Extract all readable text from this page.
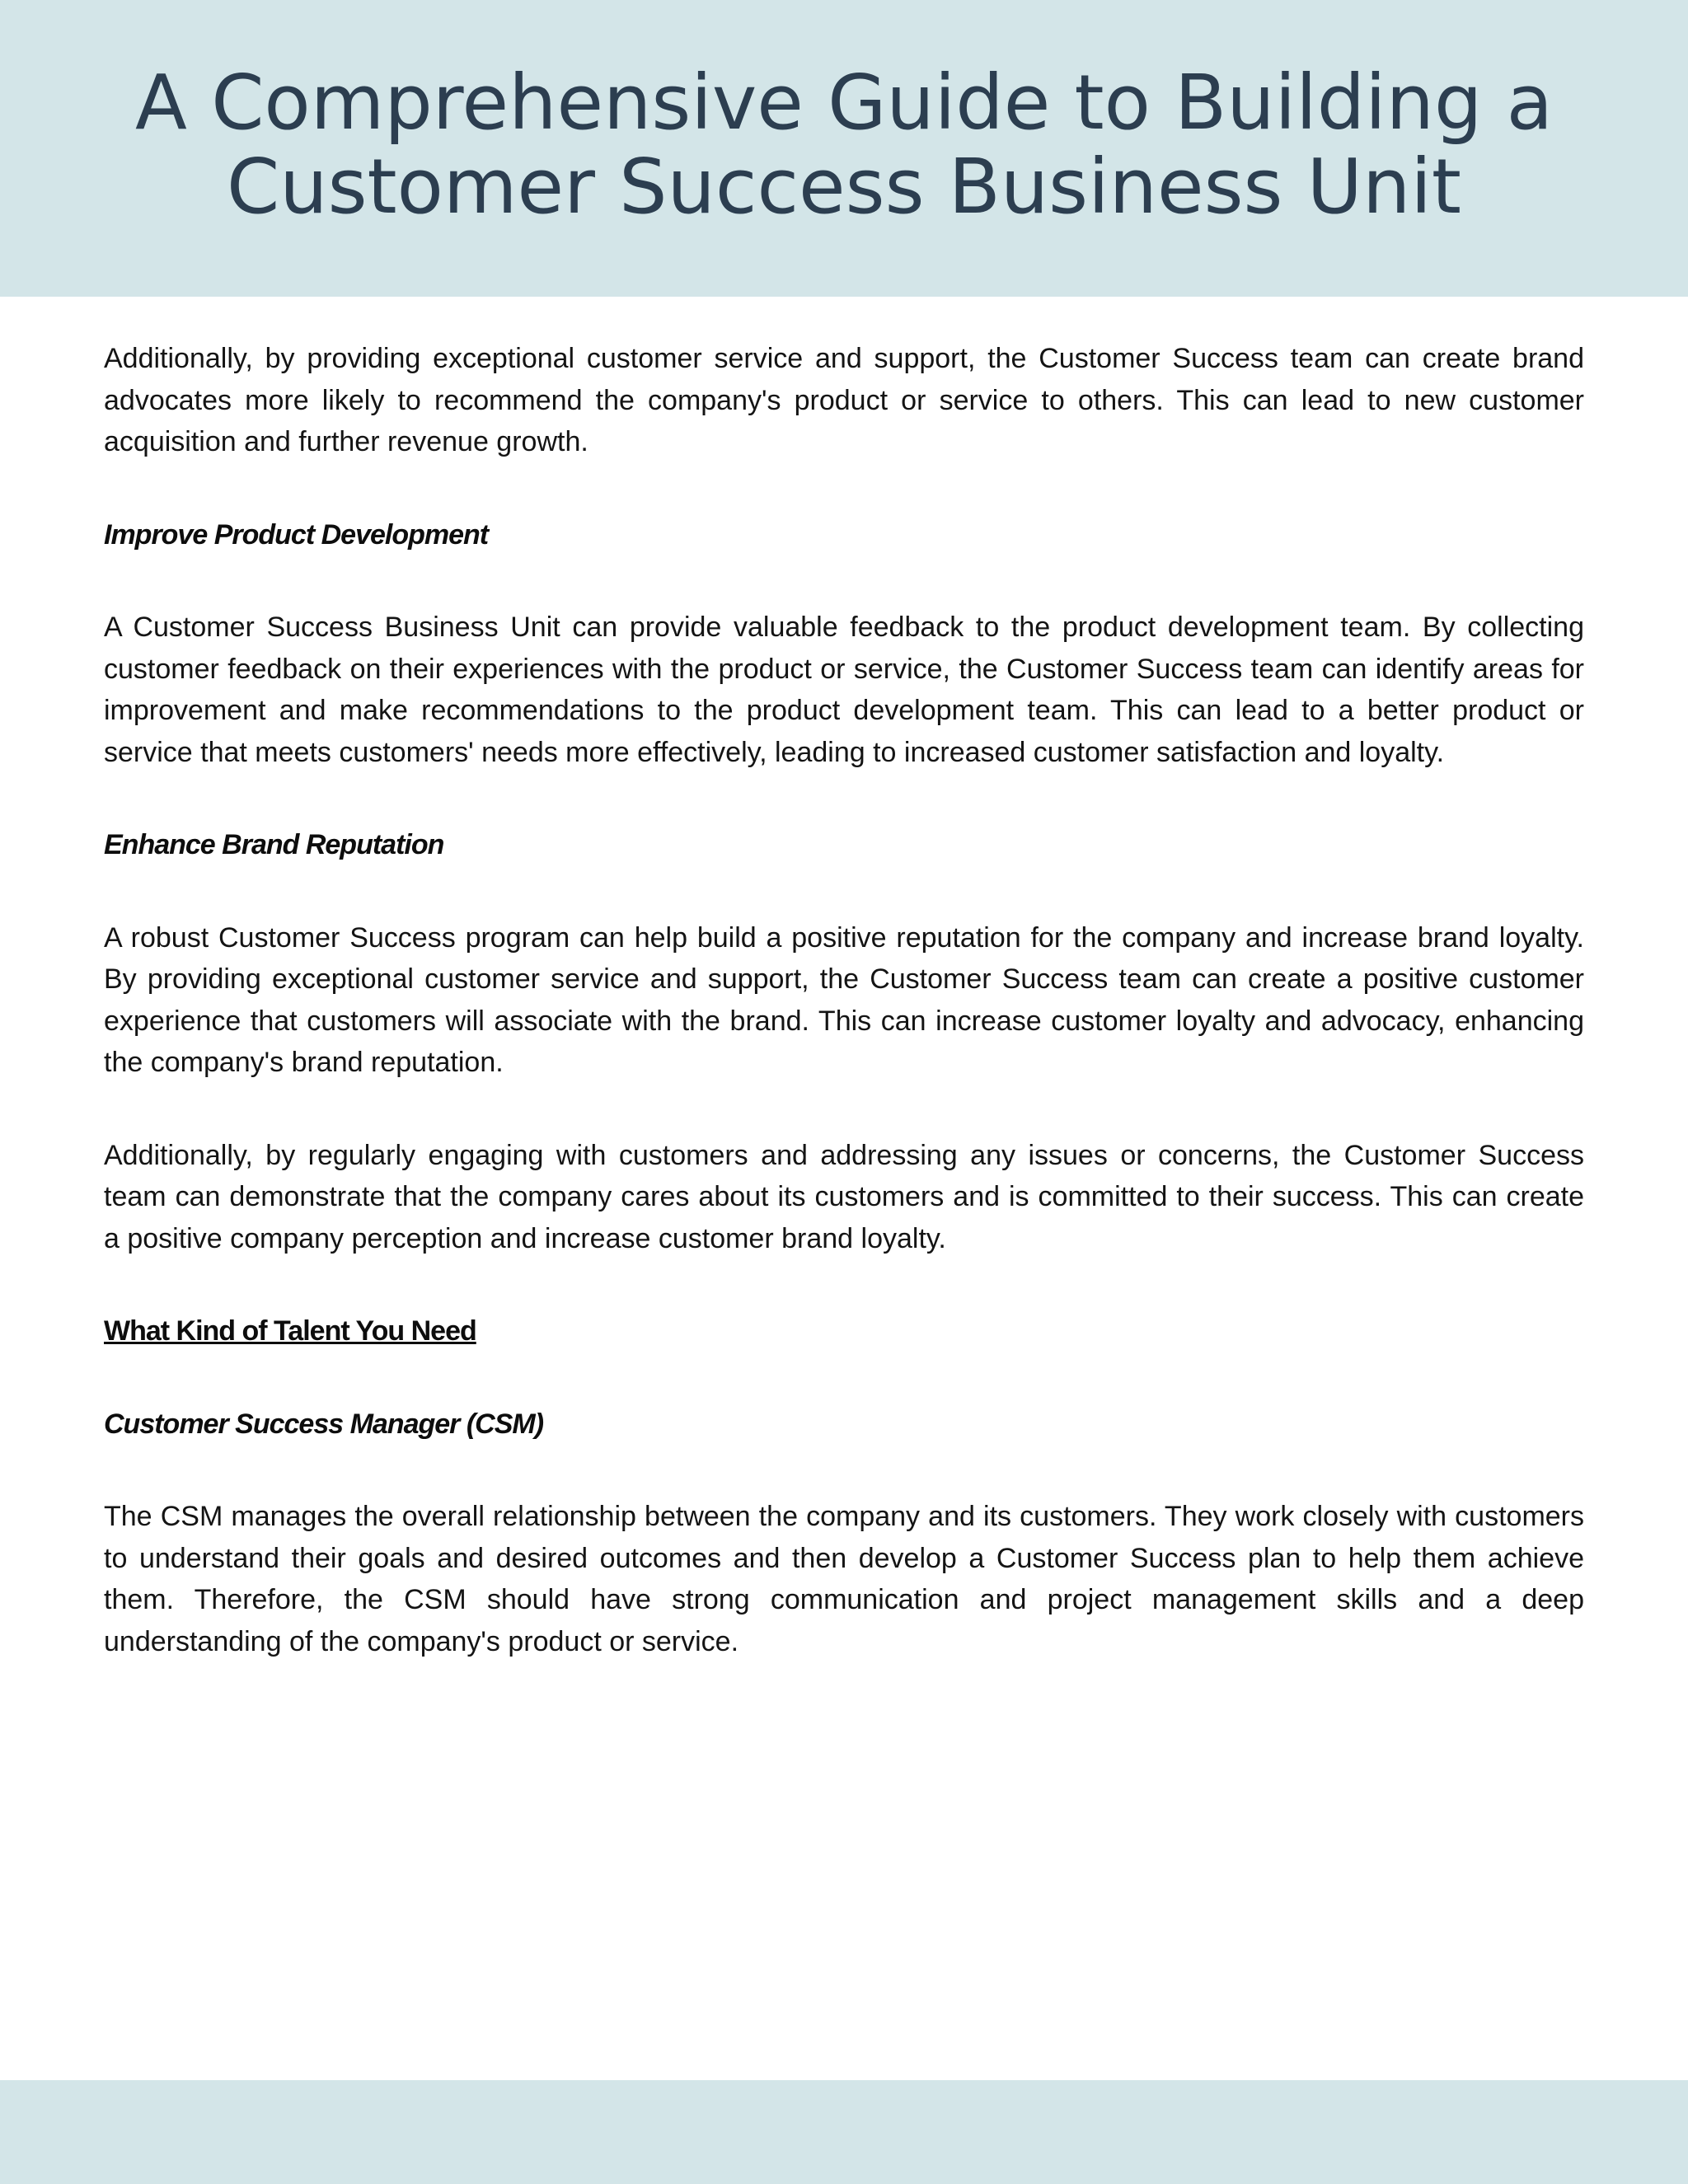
A Comprehensive Guide to Building a
Customer Success Business Unit

Additionally, by providing exceptional customer service and support, the Customer Success team can create brand advocates more likely to recommend the company's product or service to others. This can lead to new customer acquisition and further revenue growth.

Improve Product Development

A Customer Success Business Unit can provide valuable feedback to the product development team. By collecting customer feedback on their experiences with the product or service, the Customer Success team can identify areas for improvement and make recommendations to the product development team. This can lead to a better product or service that meets customers' needs more effectively, leading to increased customer satisfaction and loyalty.

Enhance Brand Reputation

A robust Customer Success program can help build a positive reputation for the company and increase brand loyalty. By providing exceptional customer service and support, the Customer Success team can create a positive customer experience that customers will associate with the brand. This can increase customer loyalty and advocacy, enhancing the company's brand reputation.

Additionally, by regularly engaging with customers and addressing any issues or concerns, the Customer Success team can demonstrate that the company cares about its customers and is committed to their success. This can create a positive company perception and increase customer brand loyalty.

What Kind of Talent You Need

Customer Success Manager (CSM)

The CSM manages the overall relationship between the company and its customers. They work closely with customers to understand their goals and desired outcomes and then develop a Customer Success plan to help them achieve them. Therefore, the CSM should have strong communication and project management skills and a deep understanding of the company's product or service.
